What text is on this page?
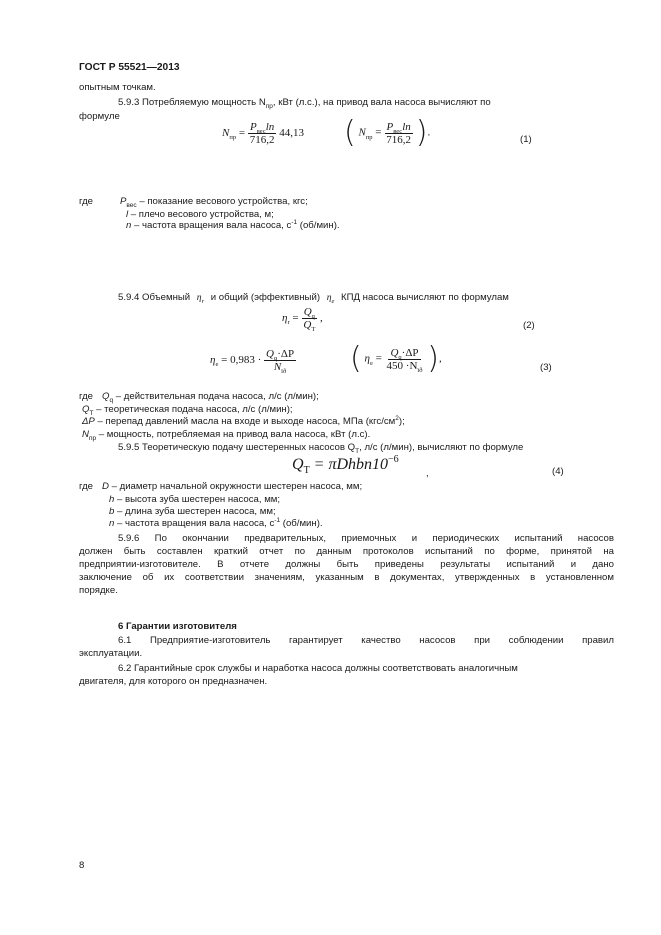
ГОСТ Р 55521—2013
опытным точкам.
5.9.3 Потребляемую мощность $N_{пр}$, кВт (л.с.), на привод вала насоса вычисляют по
формуле
$N_{пр} = \frac{P_{вес}\ln}{716,2} 44,13$ ( $N_{пр} = \frac{P_{вес}\ln}{716,2}$ ).
(1)
где	$P_{вес}$ – показание весового устройства, кгс;
l – плечо весового устройства, м;
n – частота вращения вала насоса, $с^{-1}$ (об/мин).
5.9.4 Объемный $\eta_r$ и общий (эффективный) $\eta_e$ КПД насоса вычисляют по формулам
$\eta_r = \frac{Q_q}{Q_T}$ ,
(2)
$\eta_e = 0,983 \cdot \frac{Q_q\cdot\Delta P}{N_{ïð}}$ ( $\eta_e = \frac{Q_q\cdot\Delta P}{450 \cdot N_{ïð}}$ ),
(3)
где $Q_q$ – действительная подача насоса, л/с (л/мин);
$Q_T$ – теоретическая подача насоса, л/с (л/мин);
ΔP – перепад давлений масла на входе и выходе насоса, МПа $(кгс/см^2)$;
$N_{пр}$ – мощность, потребляемая на привод вала насоса, кВт (л.с).
5.9.5 Теоретическую подачу шестеренных насосов $Q_Т$, л/с (л/мин), вычисляют по формуле
$Q_Т$ = $\pi Dhbn10^{-6}$
,	(4)
где D – диаметр начальной окружности шестерен насоса, мм;
h – высота зуба шестерен насоса, мм;
b – длина зуба шестерен насоса, мм;
n – частота вращения вала насоса, $с^{-1}$ (об/мин).
5.9.6 По окончании предварительных, приемочных и периодических испытаний насосов
должен быть составлен краткий отчет по данным протоколов испытаний по форме, принятой на
предприятии-изготовителе. В отчете должны быть приведены результаты испытаний и дано
заключение об их соответствии значениям, указанным в документах, утвержденных в установленном
порядке.
6 Гарантии изготовителя
6.1 Предприятие-изготовитель гарантирует качество насосов при соблюдении правил
эксплуатации.
6.2 Гарантийные срок службы и наработка насоса должны соответствовать аналогичным
двигателя, для которого он предназначен.
8
